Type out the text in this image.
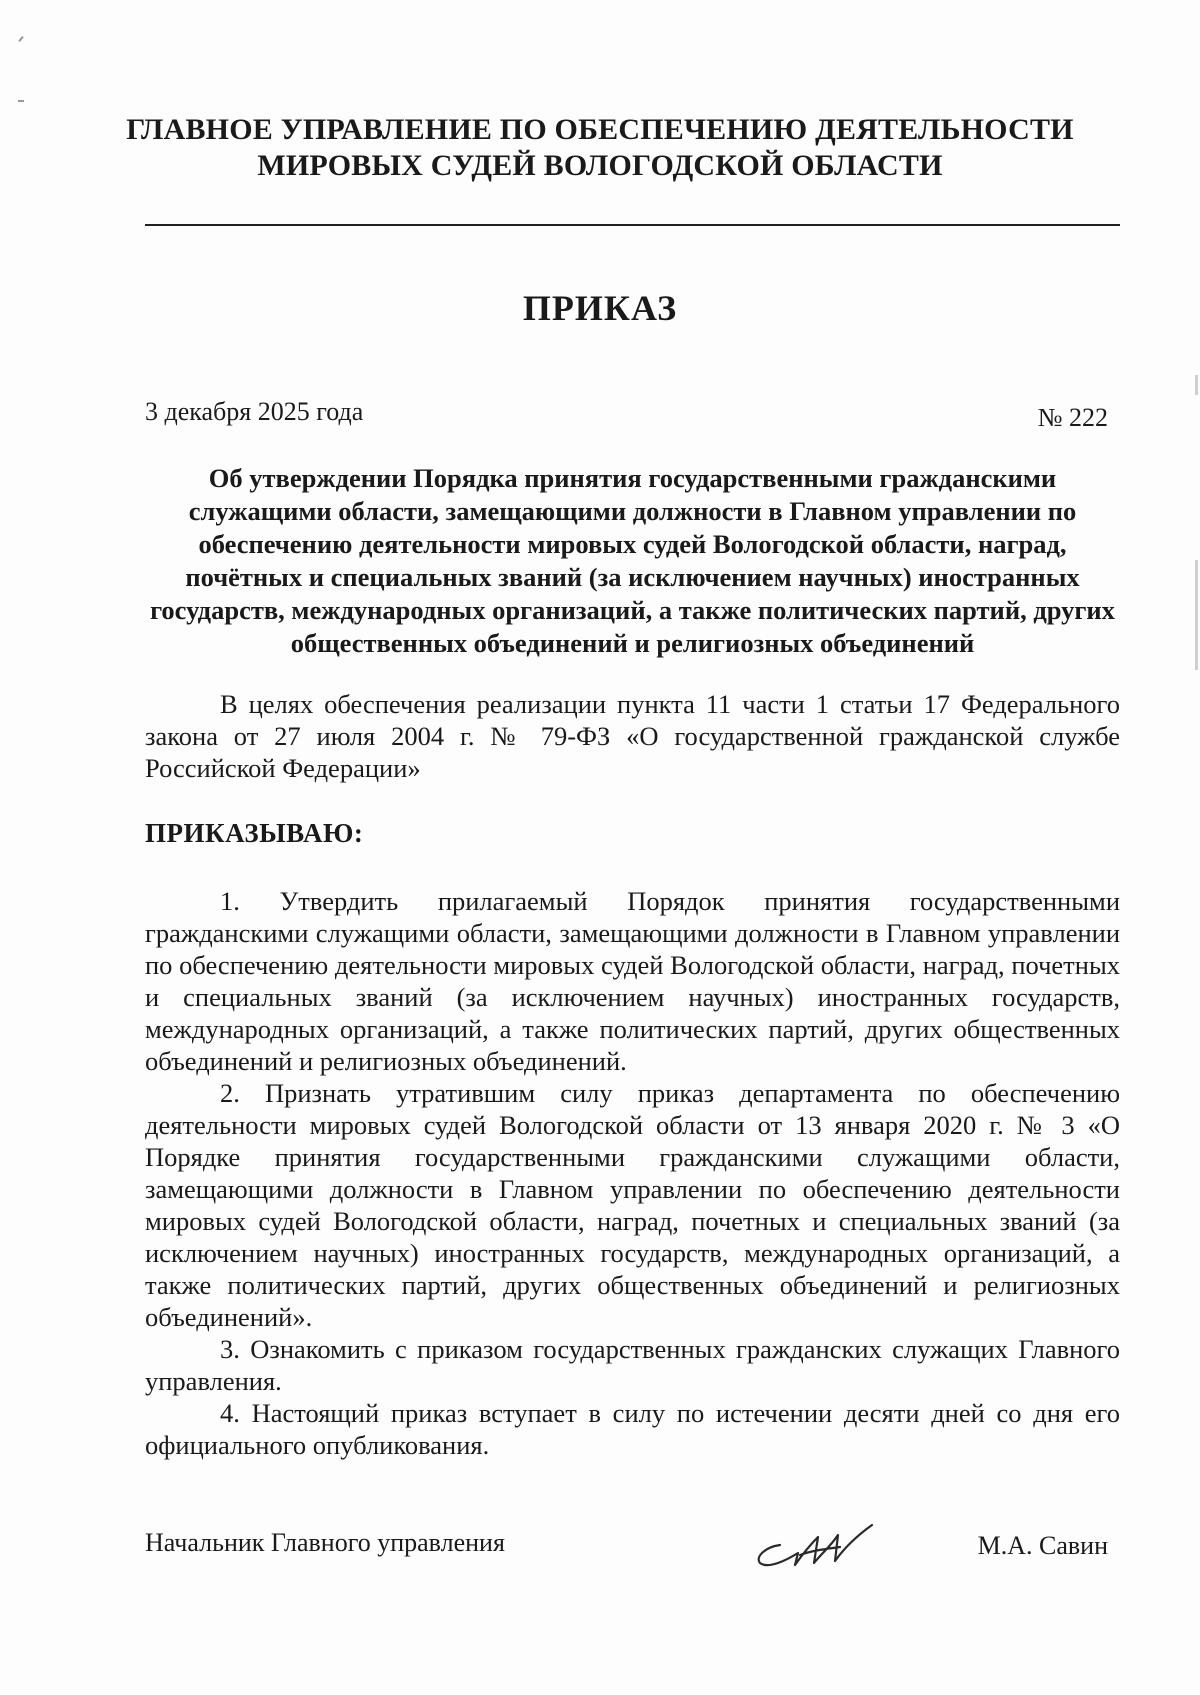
ГЛАВНОЕ УПРАВЛЕНИЕ ПО ОБЕСПЕЧЕНИЮ ДЕЯТЕЛЬНОСТИ
МИРОВЫХ СУДЕЙ ВОЛОГОДСКОЙ ОБЛАСТИ
ПРИКАЗ
3 декабря 2025 года	№ 222
Об утверждении Порядка принятия государственными гражданскими служащими области, замещающими должности в Главном управлении по обеспечению деятельности мировых судей Вологодской области, наград, почётных и специальных званий (за исключением научных) иностранных государств, международных организаций, а также политических партий, других общественных объединений и религиозных объединений
В целях обеспечения реализации пункта 11 части 1 статьи 17 Федерального закона от 27 июля 2004 г. № 79-ФЗ «О государственной гражданской службе Российской Федерации»
ПРИКАЗЫВАЮ:

1. Утвердить прилагаемый Порядок принятия государственными гражданскими служащими области, замещающими должности в Главном управлении по обеспечению деятельности мировых судей Вологодской области, наград, почетных и специальных званий (за исключением научных) иностранных государств, международных организаций, а также политических партий, других общественных объединений и религиозных объединений.

2. Признать утратившим силу приказ департамента по обеспечению деятельности мировых судей Вологодской области от 13 января 2020 г. № 3 «О Порядке принятия государственными гражданскими служащими области, замещающими должности в Главном управлении по обеспечению деятельности мировых судей Вологодской области, наград, почетных и специальных званий (за исключением научных) иностранных государств, международных организаций, а также политических партий, других общественных объединений и религиозных объединений».

3. Ознакомить с приказом государственных гражданских служащих Главного управления.

4. Настоящий приказ вступает в силу по истечении десяти дней со дня его официального опубликования.

Начальник Главного управления	М.А. Савин
